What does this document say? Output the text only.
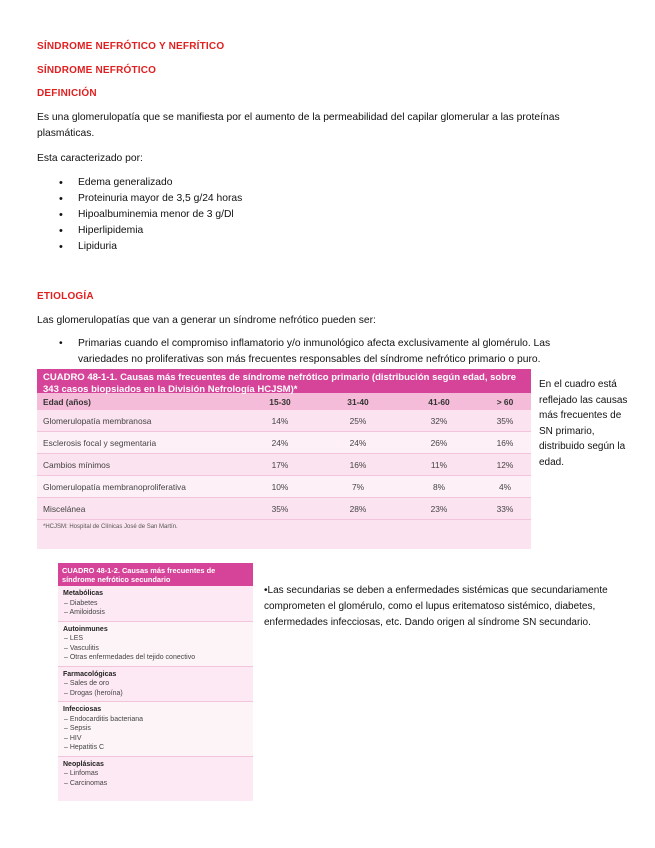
SÍNDROME NEFRÓTICO Y NEFRÍTICO
SÍNDROME NEFRÓTICO
DEFINICIÓN
Es una glomerulopatía que se manifiesta por el aumento de la permeabilidad del capilar glomerular a las proteínas plasmáticas.
Esta caracterizado por:
• Edema generalizado
• Proteinuria mayor de 3,5 g/24 horas
• Hipoalbuminemia menor de 3 g/Dl
• Hiperlipidemia
• Lipiduria
ETIOLOGÍA
Las glomerulopatías que van a generar un síndrome nefrótico pueden ser:
• Primarias cuando el compromiso inflamatorio y/o inmunológico afecta exclusivamente al glomérulo. Las variedades no proliferativas son más frecuentes responsables del síndrome nefrótico primario o puro.
CUADRO 48-1-1. Causas más frecuentes de síndrome nefrótico primario (distribución según edad, sobre 343 casos biopsiados en la División Nefrología HCJSM)*
Edad (años)	15-30	31-40	41-60	> 60
Glomerulopatía membranosa	14%	25%	32%	35%
Esclerosis focal y segmentaria	24%	24%	26%	16%
Cambios mínimos	17%	16%	11%	12%
Glomerulopatía membranoproliferativa	10%	7%	8%	4%
Miscelánea	35%	28%	23%	33%
*HCJSM: Hospital de Clínicas José de San Martín.
En el cuadro está reflejado las causas más frecuentes de SN primario, distribuido según la edad.
CUADRO 48-1-2. Causas más frecuentes de síndrome nefrótico secundario
Metabólicas
– Diabetes
– Amiloidosis
Autoinmunes
– LES
– Vasculitis
– Otras enfermedades del tejido conectivo
Farmacológicas
– Sales de oro
– Drogas (heroína)
Infecciosas
– Endocarditis bacteriana
– Sepsis
– HIV
– Hepatitis C
Neoplásicas
– Linfomas
– Carcinomas
•Las secundarias se deben a enfermedades sistémicas que secundariamente comprometen el glomérulo, como el lupus eritematoso sistémico, diabetes, enfermedades infecciosas, etc. Dando origen al síndrome SN secundario.
